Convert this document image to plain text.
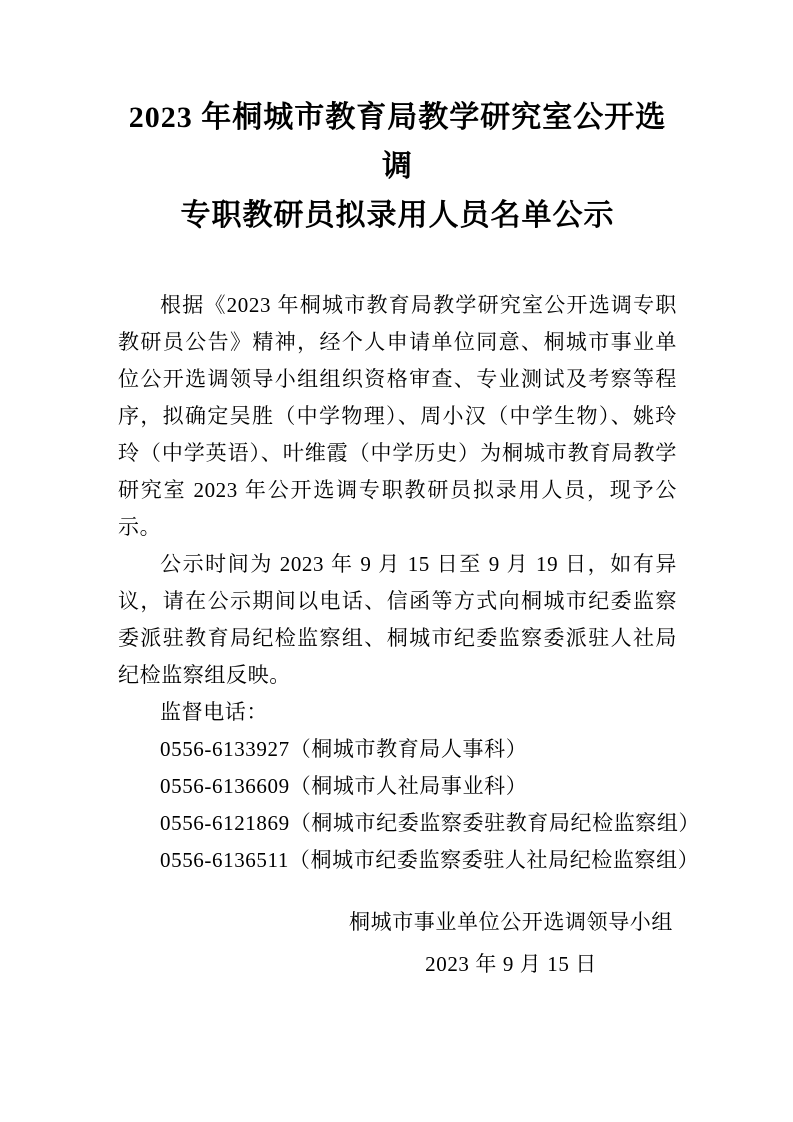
2023 年桐城市教育局教学研究室公开选调
专职教研员拟录用人员名单公示

根据《2023 年桐城市教育局教学研究室公开选调专职教研员公告》精神，经个人申请单位同意、桐城市事业单位公开选调领导小组组织资格审查、专业测试及考察等程序，拟确定吴胜（中学物理）、周小汉（中学生物）、姚玲玲（中学英语）、叶维霞（中学历史）为桐城市教育局教学研究室 2023 年公开选调专职教研员拟录用人员，现予公示。

公示时间为 2023 年 9 月 15 日至 9 月 19 日，如有异议，请在公示期间以电话、信函等方式向桐城市纪委监察委派驻教育局纪检监察组、桐城市纪委监察委派驻人社局纪检监察组反映。

监督电话：

0556-6133927（桐城市教育局人事科）

0556-6136609（桐城市人社局事业科）

0556-6121869（桐城市纪委监察委驻教育局纪检监察组）

0556-6136511（桐城市纪委监察委驻人社局纪检监察组）

桐城市事业单位公开选调领导小组
2023 年 9 月 15 日
